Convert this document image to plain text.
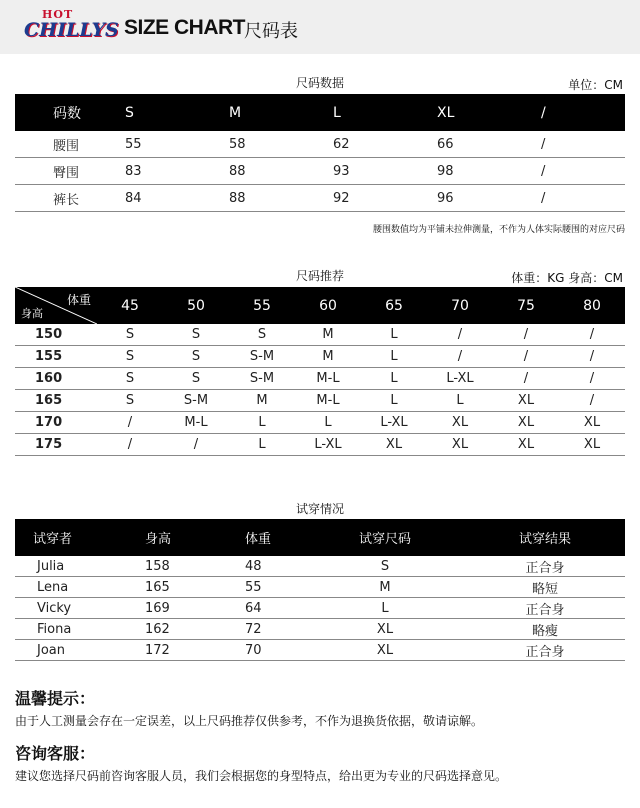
HOT
CHILLYS SIZE CHART 尺码表
尺码数据	单位：CM
码数	S	M	L	XL	/
腰围	55	58	62	66	/
臀围	83	88	93	98	/
裤长	84	88	92	96	/
腰围数值均为平铺未拉伸测量，不作为人体实际腰围的对应尺码
尺码推荐	体重：KG 身高：CM
体重
身高	45	50	55	60	65	70	75	80
150	S	S	S	M	L	/	/	/
155	S	S	S-M	M	L	/	/	/
160	S	S	S-M	M-L	L	L-XL	/	/
165	S	S-M	M	M-L	L	L	XL	/
170	/	M-L	L	L	L-XL	XL	XL	XL
175	/	/	L	L-XL	XL	XL	XL	XL
试穿情况
试穿者	身高	体重	试穿尺码	试穿结果
Julia	158	48	S	正合身
Lena	165	55	M	略短
Vicky	169	64	L	正合身
Fiona	162	72	XL	略瘦
Joan	172	70	XL	正合身
温馨提示：
由于人工测量会存在一定误差，以上尺码推荐仅供参考，不作为退换货依据，敬请谅解。
咨询客服：
建议您选择尺码前咨询客服人员，我们会根据您的身型特点，给出更为专业的尺码选择意见。
